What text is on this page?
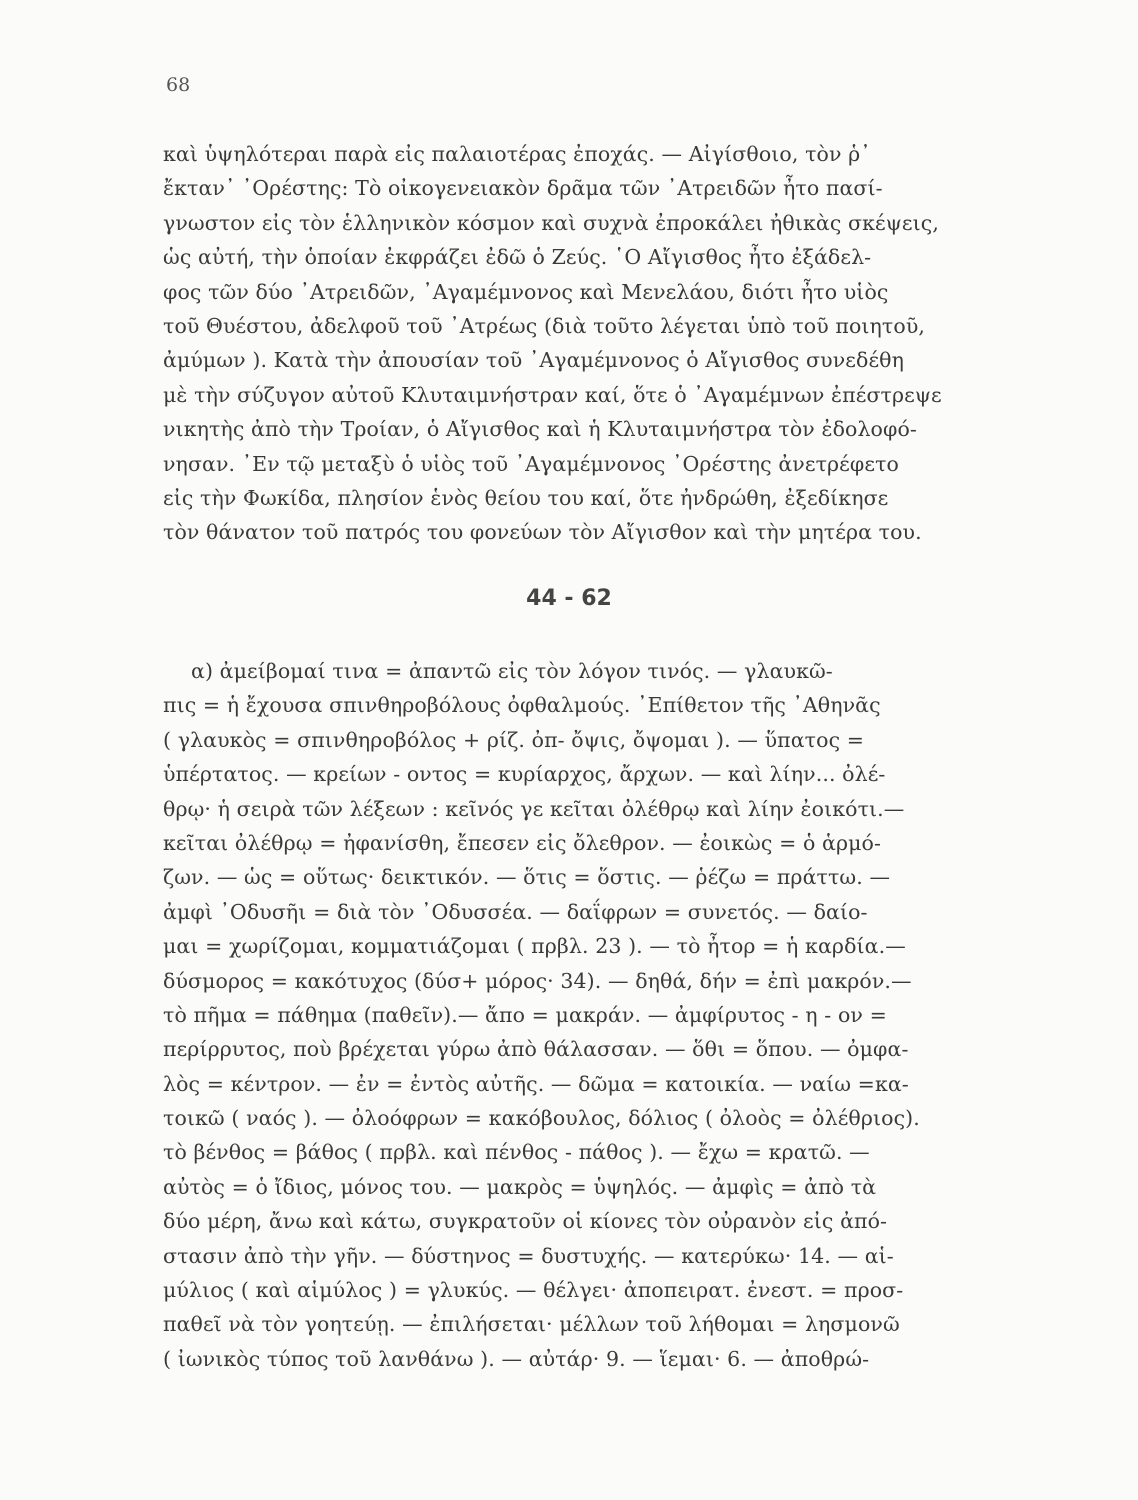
68
καὶ ὑψηλότεραι παρὰ εἰς παλαιοτέρας ἐποχάς. — Αἰγίσθοιο, τὸν ῥ᾿
ἔκταν᾿ ᾿Ορέστης: Τὸ οἰκογενειακὸν δρᾶμα τῶν ᾿Ατρειδῶν ἦτο πασί-
γνωστον εἰς τὸν ἑλληνικὸν κόσμον καὶ συχνὰ ἐπροκάλει ἠθικὰς σκέψεις,
ὡς αὐτή, τὴν ὁποίαν ἐκφράζει ἐδῶ ὁ Ζεύς. ῾Ο Αἴγισθος ἦτο ἐξάδελ-
φος τῶν δύο ᾿Ατρειδῶν, ᾿Αγαμέμνονος καὶ Μενελάου, διότι ἦτο υἱὸς
τοῦ Θυέστου, ἀδελφοῦ τοῦ ᾿Ατρέως (διὰ τοῦτο λέγεται ὑπὸ τοῦ ποιητοῦ,
ἀμύμων ). Κατὰ τὴν ἀπουσίαν τοῦ ᾿Αγαμέμνονος ὁ Αἴγισθος συνεδέθη
μὲ τὴν σύζυγον αὐτοῦ Κλυταιμνήστραν καί, ὅτε ὁ ᾿Αγαμέμνων ἐπέστρεψε
νικητὴς ἀπὸ τὴν Τροίαν, ὁ Αἴγισθος καὶ ἡ Κλυταιμνήστρα τὸν ἐδολοφό-
νησαν. ᾿Εν τῷ μεταξὺ ὁ υἱὸς τοῦ ᾿Αγαμέμνονος ᾿Ορέστης ἀνετρέφετο
εἰς τὴν Φωκίδα, πλησίον ἑνὸς θείου του καί, ὅτε ἠνδρώθη, ἐξεδίκησε
τὸν θάνατον τοῦ πατρός του φονεύων τὸν Αἴγισθον καὶ τὴν μητέρα του.
44 - 62
α) ἀμείβομαί τινα = ἀπαντῶ εἰς τὸν λόγον τινός. — γλαυκῶ-
πις = ἡ ἔχουσα σπινθηροβόλους ὀφθαλμούς. ᾿Επίθετον τῆς ᾿Αθηνᾶς
( γλαυκὸς = σπινθηροβόλος + ρίζ. ὀπ- ὄψις, ὄψομαι ). — ὕπατος =
ὑπέρτατος. — κρείων - οντος = κυρίαρχος, ἄρχων. — καὶ λίην... ὀλέ-
θρῳ· ἡ σειρὰ τῶν λέξεων : κεῖνός γε κεῖται ὀλέθρῳ καὶ λίην ἐοικότι.—
κεῖται ὀλέθρῳ = ἠφανίσθη, ἔπεσεν εἰς ὄλεθρον. — ἐοικὼς = ὁ ἁρμό-
ζων. — ὡς = οὕτως· δεικτικόν. — ὅτις = ὅστις. — ῥέζω = πράττω. —
ἀμφὶ ᾿Οδυσῆι = διὰ τὸν ᾿Οδυσσέα. — δαΐφρων = συνετός. — δαίο-
μαι = χωρίζομαι, κομματιάζομαι ( πρβλ. 23 ). — τὸ ἦτορ = ἡ καρδία.—
δύσμορος = κακότυχος (δύσ+ μόρος· 34). — δηθά, δήν = ἐπὶ μακρόν.—
τὸ πῆμα = πάθημα (παθεῖν).— ἄπο = μακράν. — ἀμφίρυτος - η - ον =
περίρρυτος, ποὺ βρέχεται γύρω ἀπὸ θάλασσαν. — ὅθι = ὅπου. — ὀμφα-
λὸς = κέντρον. — ἐν = ἐντὸς αὐτῆς. — δῶμα = κατοικία. — ναίω =κα-
τοικῶ ( ναός ). — ὀλοόφρων = κακόβουλος, δόλιος ( ὀλοὸς = ὀλέθριος).
τὸ βένθος = βάθος ( πρβλ. καὶ πένθος - πάθος ). — ἔχω = κρατῶ. —
αὐτὸς = ὁ ἴδιος, μόνος του. — μακρὸς = ὑψηλός. — ἀμφὶς = ἀπὸ τὰ
δύο μέρη, ἄνω καὶ κάτω, συγκρατοῦν οἱ κίονες τὸν οὐρανὸν εἰς ἀπό-
στασιν ἀπὸ τὴν γῆν. — δύστηνος = δυστυχής. — κατερύκω· 14. — αἱ-
μύλιος ( καὶ αἱμύλος ) = γλυκύς. — θέλγει· ἀποπειρατ. ἐνεστ. = προσ-
παθεῖ νὰ τὸν γοητεύῃ. — ἐπιλήσεται· μέλλων τοῦ λήθομαι = λησμονῶ
( ἰωνικὸς τύπος τοῦ λανθάνω ). — αὐτάρ· 9. — ἵεμαι· 6. — ἀποθρώ-
